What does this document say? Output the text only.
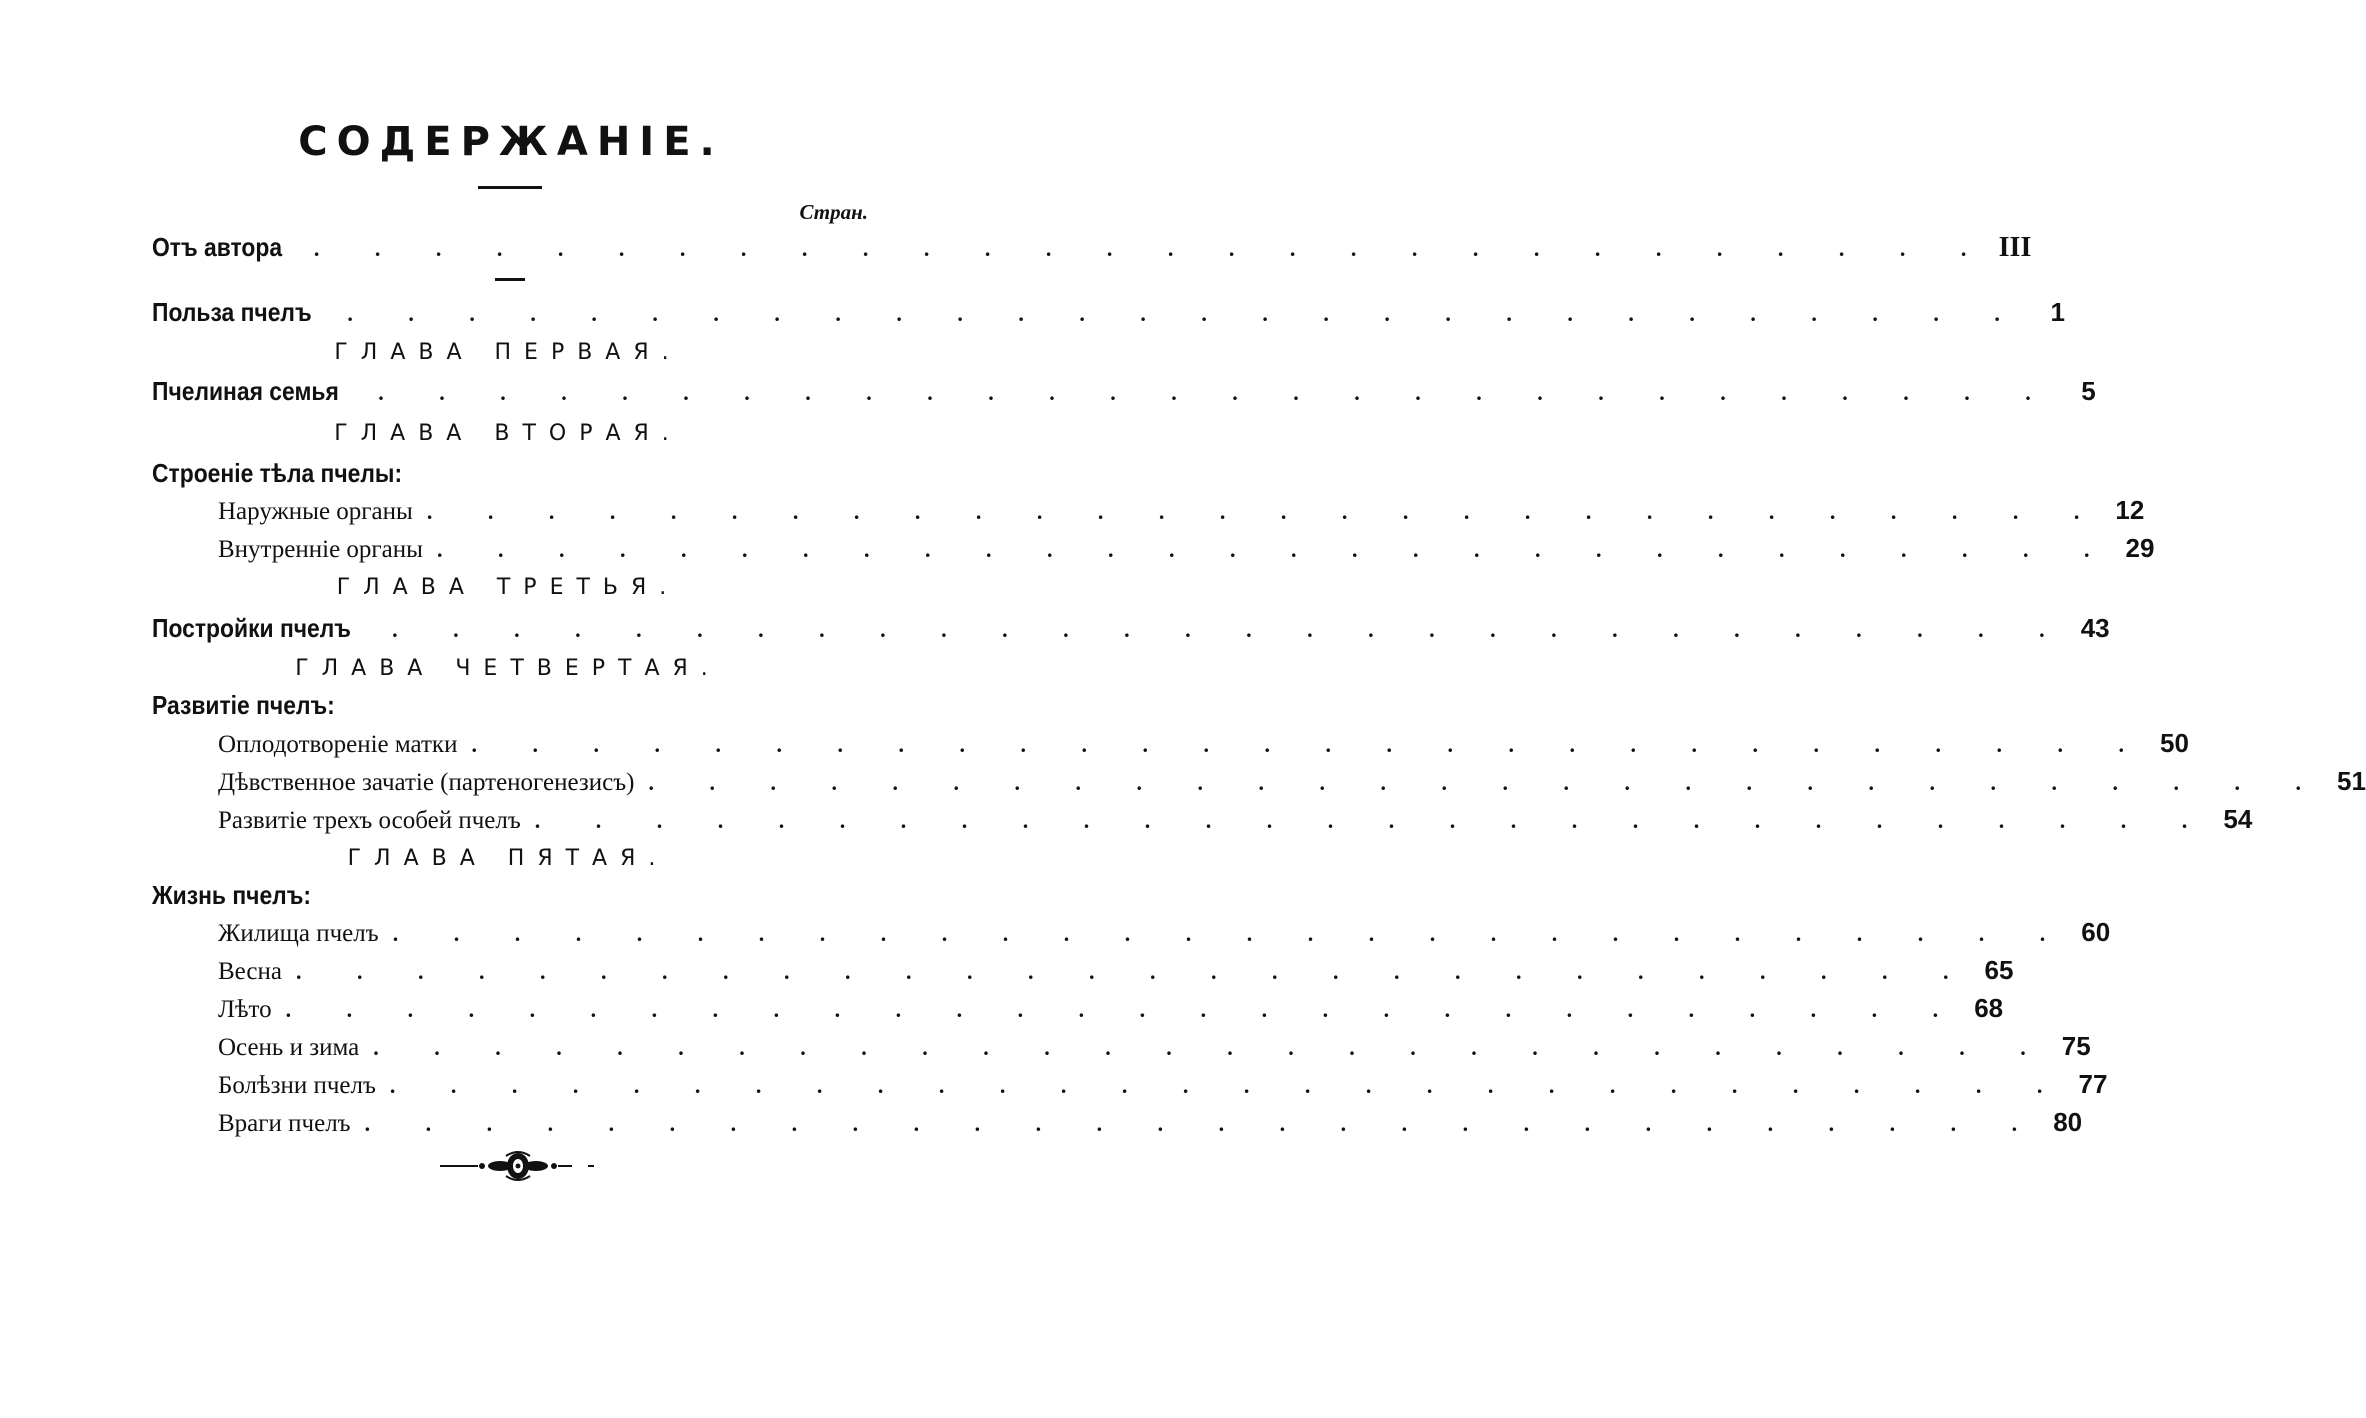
СОДЕРЖАНІЕ.
Стран.
Отъ автора	. . . . . . . . . . . . . . . . . . . . . . . . . . . . III
Польза пчелъ	. . . . . . . . . . . . . . . . . . . . . . . . . . . . 1
ГЛАВА ПЕРВАЯ.
Пчелиная семья	. . . . . . . . . . . . . . . . . . . . . . . . . . . . 5
ГЛАВА ВТОРАЯ.
Строеніе тѣла пчелы:
Наружные органы . . . . . . . . . . . . . . . . . . . . . . . . . . . . 12
Внутренніе органы . . . . . . . . . . . . . . . . . . . . . . . . . . . . 29
ГЛАВА ТРЕТЬЯ.
Постройки пчелъ	. . . . . . . . . . . . . . . . . . . . . . . . . . . . 43
ГЛАВА ЧЕТВЕРТАЯ.
Развитіе пчелъ:
Оплодотвореніе матки . . . . . . . . . . . . . . . . . . . . . . . . . . . . 50
Дѣвственное зачатіе (партеногенезисъ) . . . . . . . . . . . . . . . . . . . . . . . . . . . . 51
Развитіе трехъ особей пчелъ . . . . . . . . . . . . . . . . . . . . . . . . . . . . 54
ГЛАВА ПЯТАЯ.
Жизнь пчелъ:
Жилища пчелъ . . . . . . . . . . . . . . . . . . . . . . . . . . . . 60
Весна . . . . . . . . . . . . . . . . . . . . . . . . . . . . 65
Лѣто . . . . . . . . . . . . . . . . . . . . . . . . . . . . 68
Осень и зима . . . . . . . . . . . . . . . . . . . . . . . . . . . . 75
Болѣзни пчелъ . . . . . . . . . . . . . . . . . . . . . . . . . . . . 77
Враги пчелъ . . . . . . . . . . . . . . . . . . . . . . . . . . . . 80
